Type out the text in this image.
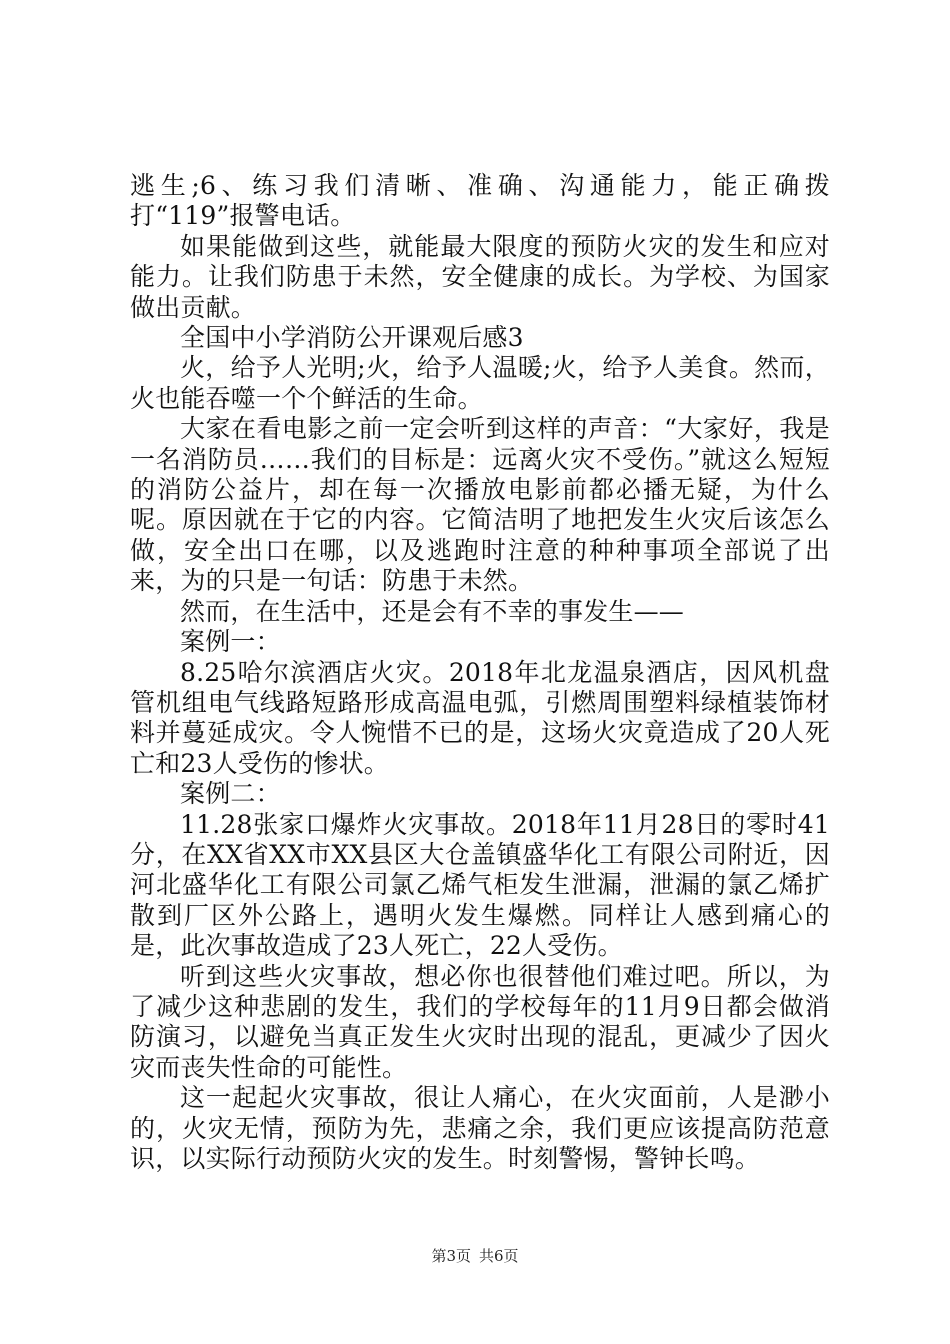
逃生;6、练习我们清晰、准确、沟通能力，能正确拨打“119”报警电话。

如果能做到这些，就能最大限度的预防火灾的发生和应对能力。让我们防患于未然，安全健康的成长。为学校、为国家做出贡献。

全国中小学消防公开课观后感3

火，给予人光明;火，给予人温暖;火，给予人美食。然而，火也能吞噬一个个鲜活的生命。

大家在看电影之前一定会听到这样的声音：“大家好，我是一名消防员……我们的目标是：远离火灾不受伤。”就这么短短的消防公益片，却在每一次播放电影前都必播无疑，为什么呢。原因就在于它的内容。它简洁明了地把发生火灾后该怎么做，安全出口在哪，以及逃跑时注意的种种事项全部说了出来，为的只是一句话：防患于未然。

然而，在生活中，还是会有不幸的事发生——

案例一：

8.25哈尔滨酒店火灾。2018年北龙温泉酒店，因风机盘管机组电气线路短路形成高温电弧，引燃周围塑料绿植装饰材料并蔓延成灾。令人惋惜不已的是，这场火灾竟造成了20人死亡和23人受伤的惨状。

案例二：

11.28张家口爆炸火灾事故。2018年11月28日的零时41分，在XX省XX市XX县区大仓盖镇盛华化工有限公司附近，因河北盛华化工有限公司氯乙烯气柜发生泄漏，泄漏的氯乙烯扩散到厂区外公路上，遇明火发生爆燃。同样让人感到痛心的是，此次事故造成了23人死亡，22人受伤。

听到这些火灾事故，想必你也很替他们难过吧。所以，为了减少这种悲剧的发生，我们的学校每年的11月9日都会做消防演习，以避免当真正发生火灾时出现的混乱，更减少了因火灾而丧失性命的可能性。

这一起起火灾事故，很让人痛心，在火灾面前，人是渺小的，火灾无情，预防为先，悲痛之余，我们更应该提高防范意识，以实际行动预防火灾的发生。时刻警惕，警钟长鸣。

第3页 共6页
